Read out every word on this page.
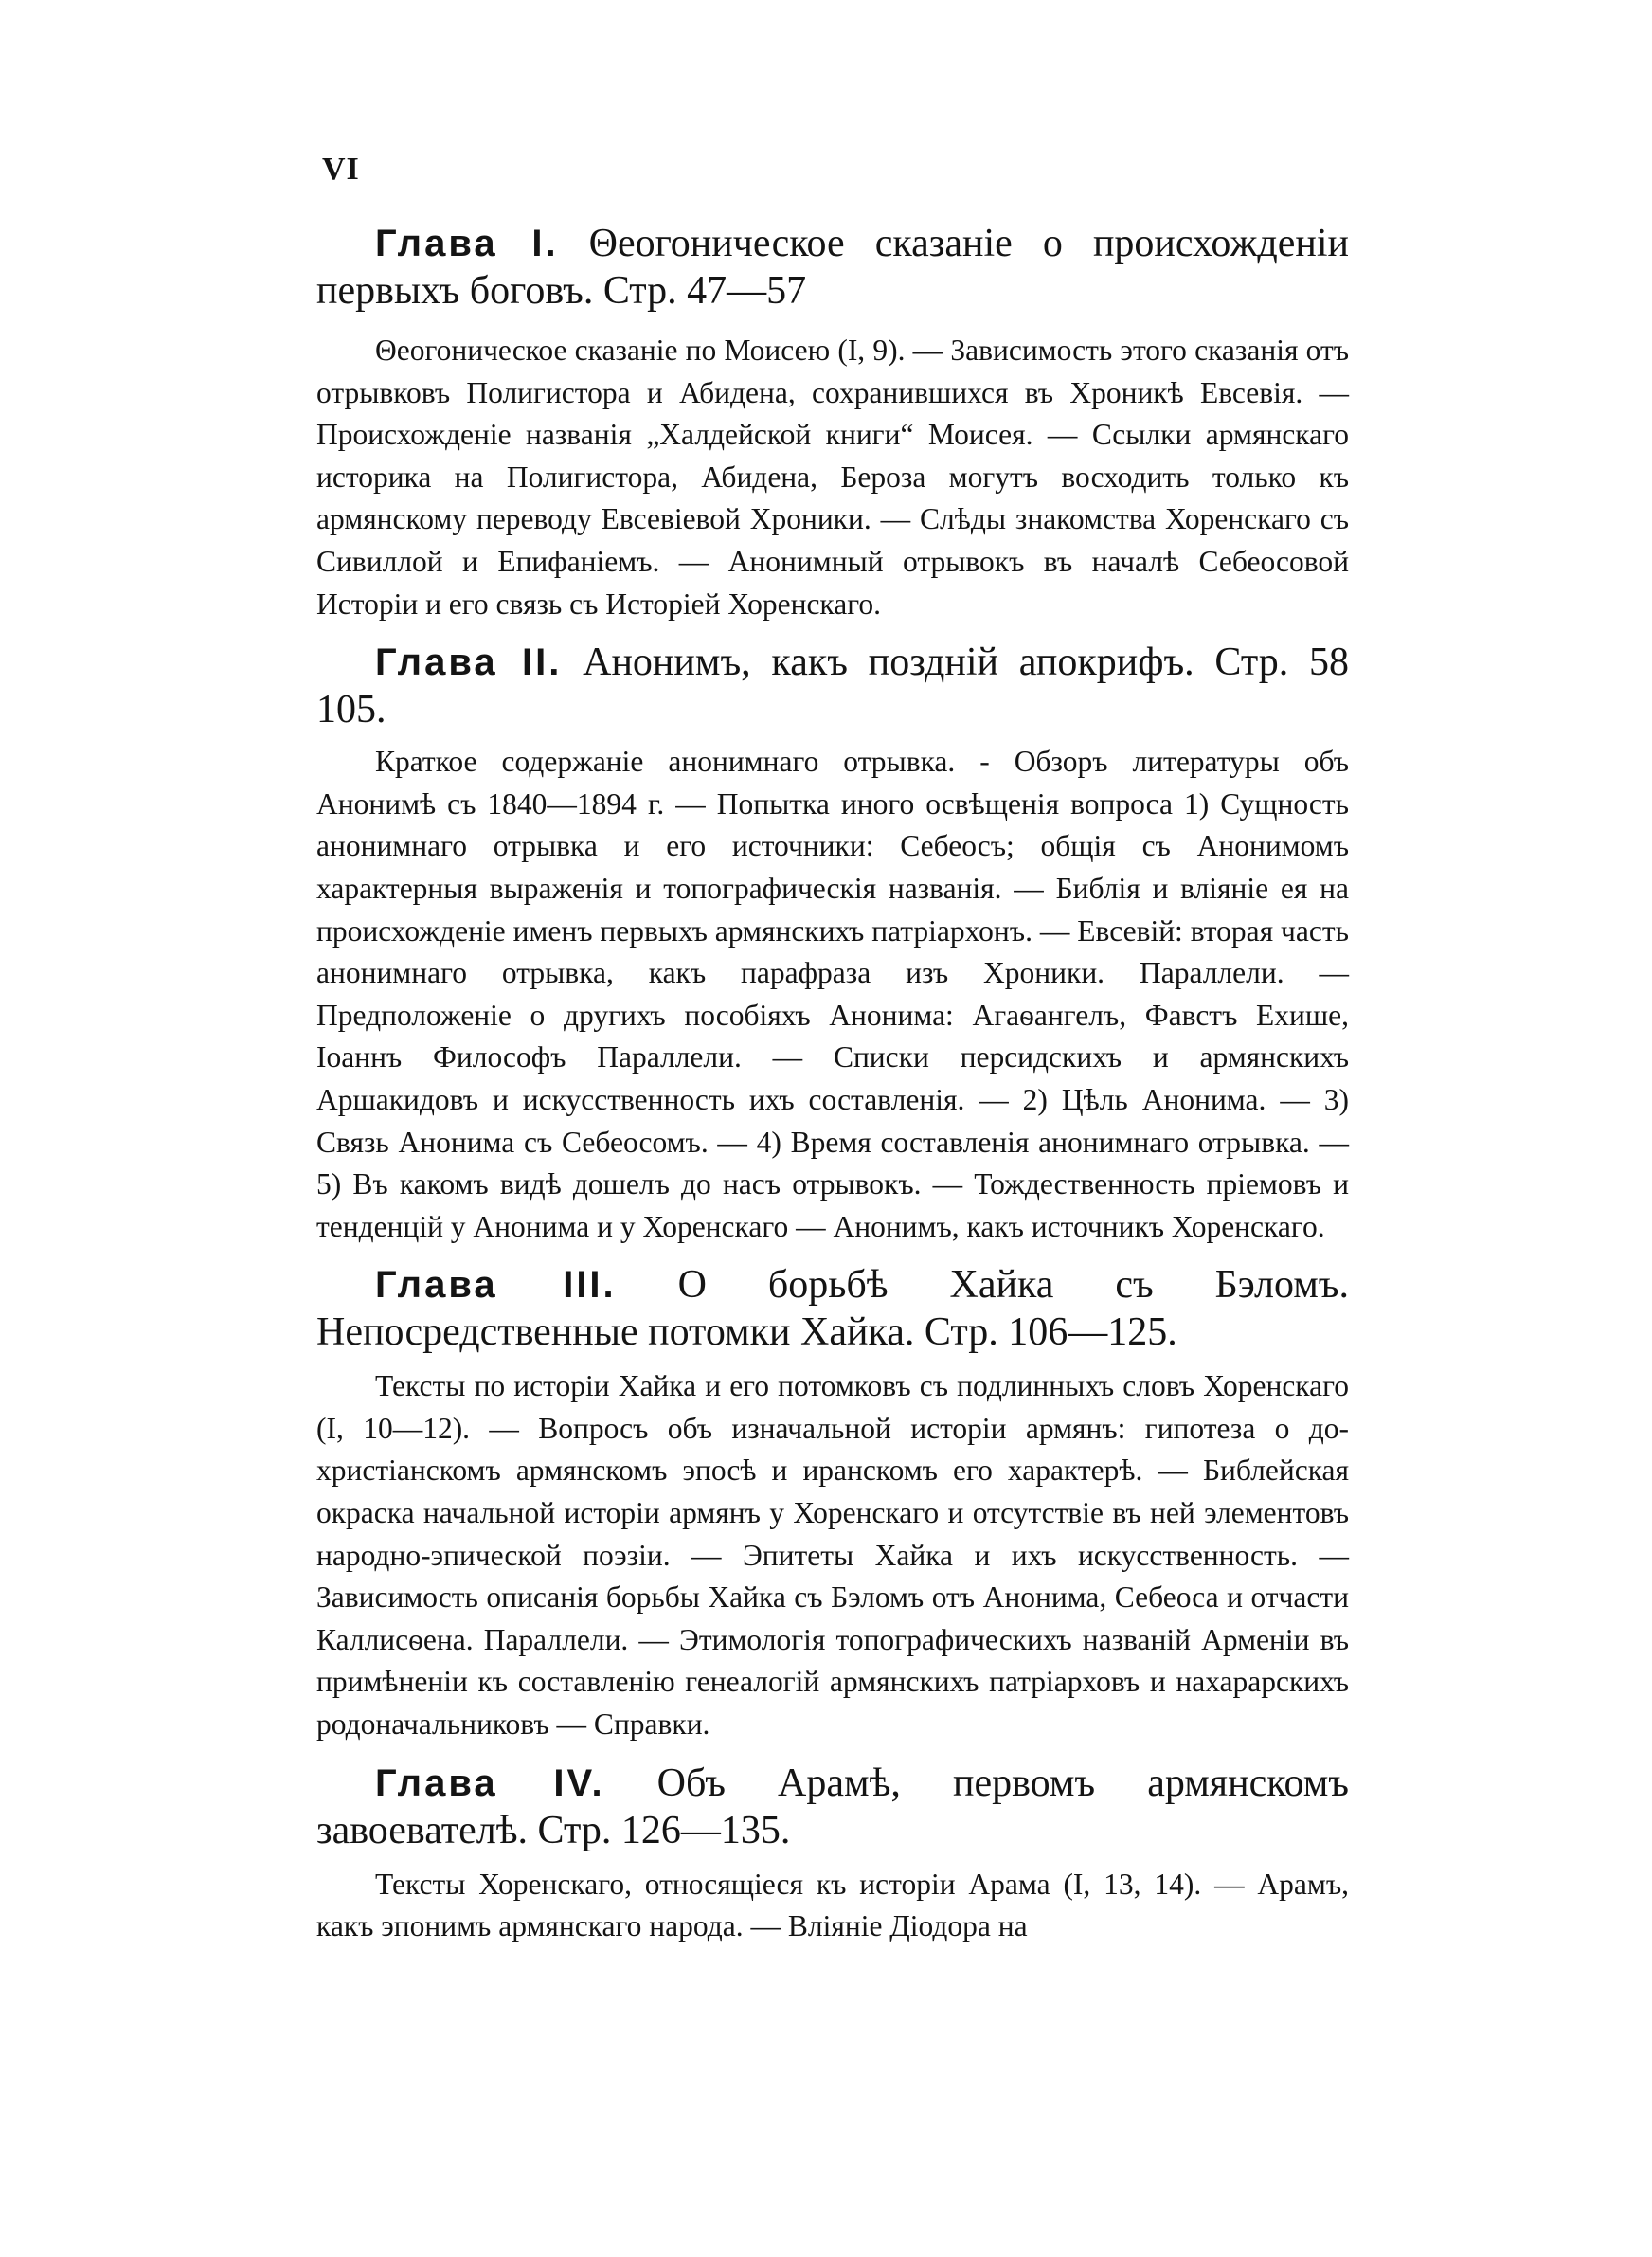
VI

Глава I. Θеогоническое сказаніе о происхожденіи первыхъ боговъ. Стр. 47—57

Θеогоническое сказаніе по Моисею (I, 9). — Зависимость этого сказанія отъ отрывковъ Полигистора и Абидена, сохранившихся въ Хроникѣ Евсевія. — Происхожденіе названія „Халдейской книги“ Моисея. — Ссылки армянскаго историка на Полигистора, Абидена, Бероза могутъ восходить только къ армянскому переводу Евсевіевой Хроники. — Слѣды знакомства Хоренскаго съ Сивиллой и Епифаніемъ. — Анонимный отрывокъ въ началѣ Себеосовой Исторіи и его связь съ Исторіей Хоренскаго.

Глава II. Анонимъ, какъ поздній апокрифъ. Стр. 58 105.

Краткое содержаніе анонимнаго отрывка. - Обзоръ литературы объ Анонимѣ съ 1840—1894 г. — Попытка иного освѣщенія вопроса 1) Сущность анонимнаго отрывка и его источники: Себеосъ; общія съ Анонимомъ характерныя выраженія и топографическія названія. — Библія и вліяніе ея на происхожденіе именъ первыхъ армянскихъ патріархонъ. — Евсевій: вторая часть анонимнаго отрывка, какъ парафраза изъ Хроники. Параллели. — Предположеніе о другихъ пособіяхъ Анонима: Агаѳангелъ, Фавстъ Ехише, Іоаннъ Философъ Параллели. — Списки персидскихъ и армянскихъ Аршакидовъ и искусственность ихъ составленія. — 2) Цѣль Анонима. — 3) Связь Анонима съ Себеосомъ. — 4) Время составленія анонимнаго отрывка. — 5) Въ какомъ видѣ дошелъ до насъ отрывокъ. — Тождественность пріемовъ и тенденцій у Анонима и у Хоренскаго — Анонимъ, какъ источникъ Хоренскаго.

Глава III. О борьбѣ Хайка съ Бэломъ. Непосредственные потомки Хайка. Стр. 106—125.

Тексты по исторіи Хайка и его потомковъ съ подлинныхъ словъ Хоренскаго (I, 10—12). — Вопросъ объ изначальной исторіи армянъ: гипотеза о до-христіанскомъ армянскомъ эпосѣ и иранскомъ его характерѣ. — Библейская окраска начальной исторіи армянъ у Хоренскаго и отсутствіе въ ней элементовъ народно-эпической поэзіи. — Эпитеты Хайка и ихъ искусственность. — Зависимость описанія борьбы Хайка съ Бэломъ отъ Анонима, Себеоса и отчасти Каллисѳена. Параллели. — Этимологія топографическихъ названій Арменіи въ примѣненіи къ составленію генеалогій армянскихъ патріарховъ и нахарарскихъ родоначальниковъ — Справки.

Глава IV. Объ Арамѣ, первомъ армянскомъ завоевателѣ. Стр. 126—135.

Тексты Хоренскаго, относящіеся къ исторіи Арама (I, 13, 14). — Арамъ, какъ эпонимъ армянскаго народа. — Вліяніе Діодора на
